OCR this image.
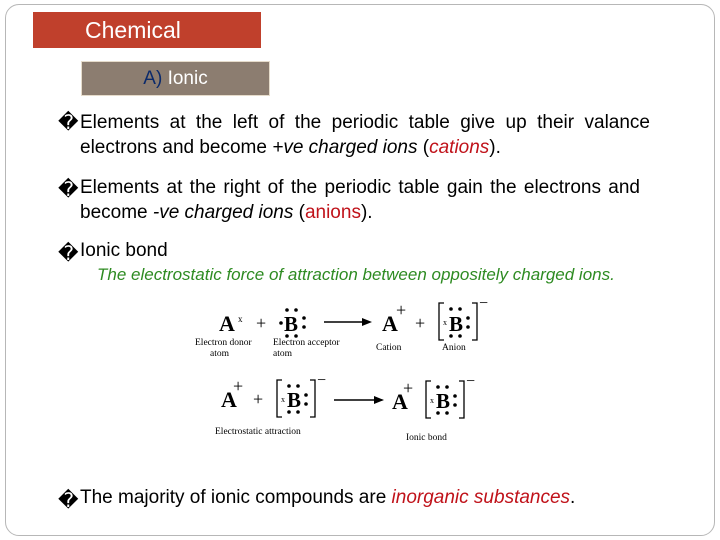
Chemical
A)
Ionic
� Elements at the left of the periodic table give up their valance electrons and become +ve charged ions (cations).

� Elements at the right of the periodic table gain the electrons and become -ve charged ions (anions).

� Ionic bond
The electrostatic force of attraction between oppositely charged ions.
A x + B	A
+
+ x B
−
Electron donor
atom
Electron acceptor
atom
Cation	Anion
A
+
+ x B
−
A
+
x B
−
Electrostatic attraction
Ionic bond
� The majority of ionic compounds are inorganic substances.
